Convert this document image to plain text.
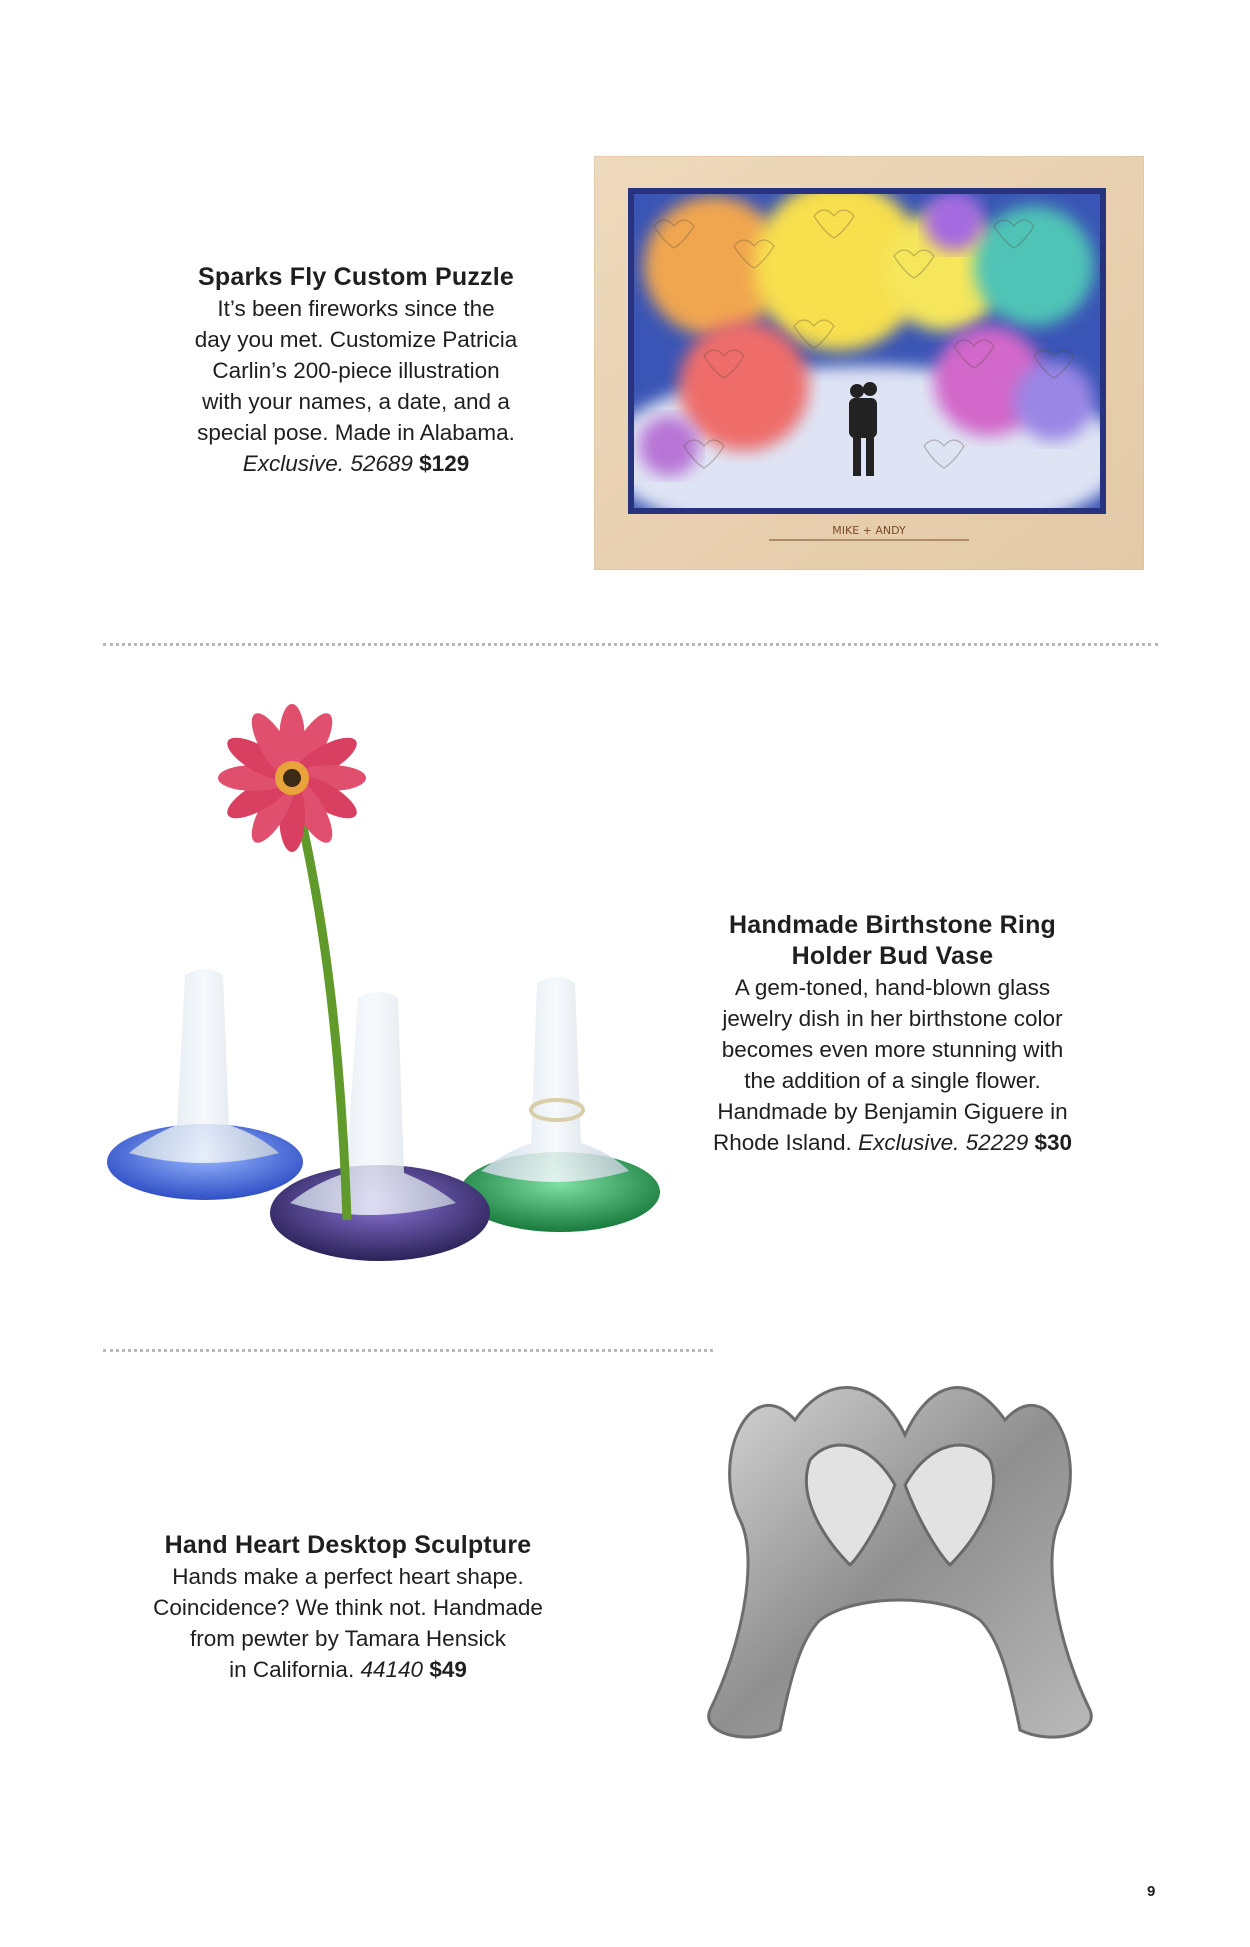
Sparks Fly Custom Puzzle
It’s been fireworks since the
day you met. Customize Patricia
Carlin’s 200-piece illustration
with your names, a date, and a
special pose. Made in Alabama.
Exclusive. 52689 $129
MIKE + ANDY
Handmade Birthstone Ring
Holder Bud Vase
A gem-toned, hand-blown glass
jewelry dish in her birthstone color
becomes even more stunning with
the addition of a single flower.
Handmade by Benjamin Giguere in
Rhode Island. Exclusive. 52229 $30
Hand Heart Desktop Sculpture
Hands make a perfect heart shape.
Coincidence? We think not. Handmade
from pewter by Tamara Hensick
in California. 44140 $49
9
